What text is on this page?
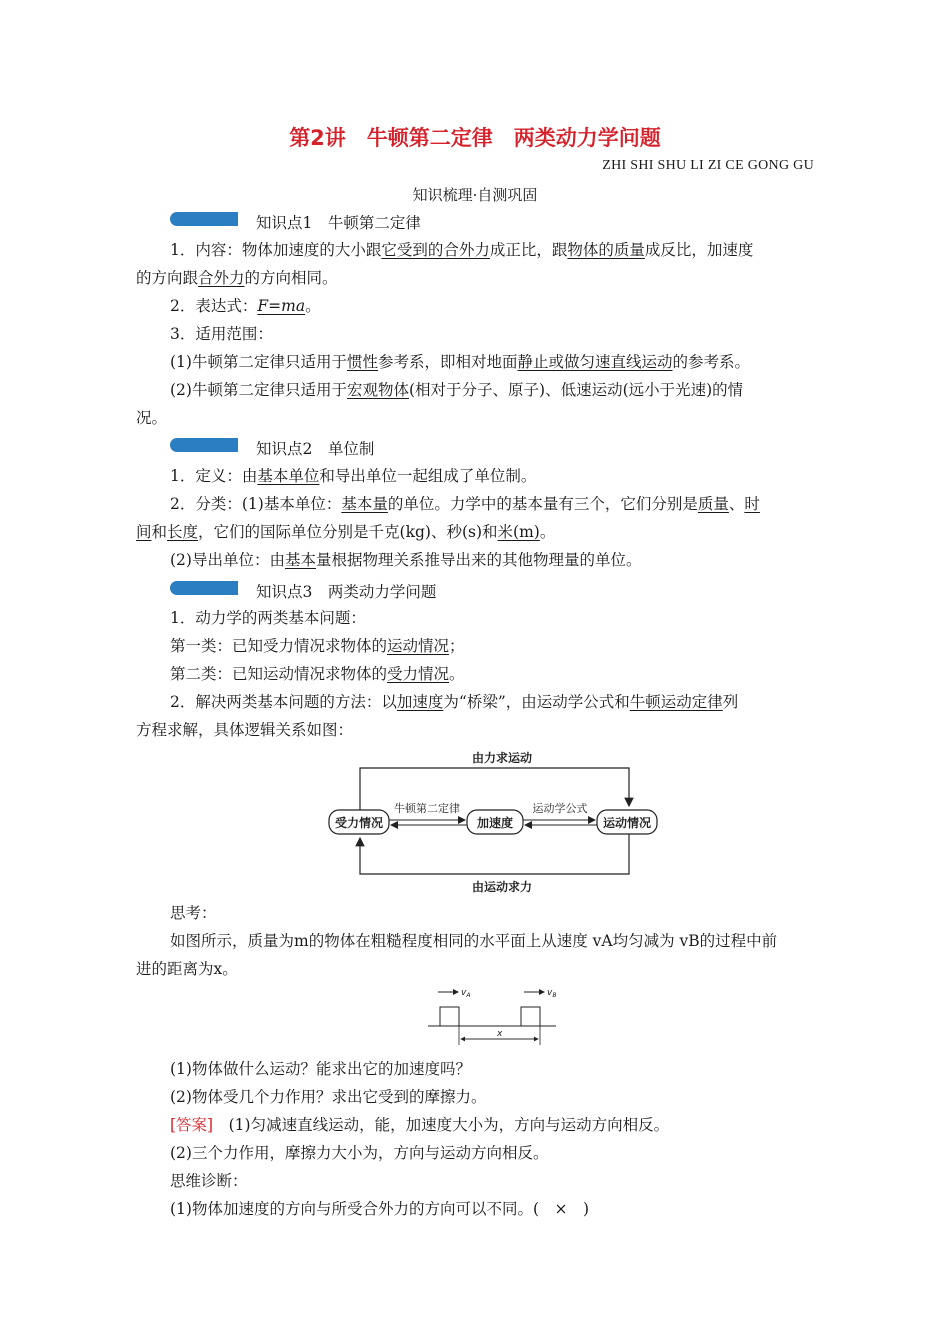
第2讲　牛顿第二定律　两类动力学问题
ZHI SHI SHU LI ZI CE GONG GU
知识梳理·自测巩固
知识点1　牛顿第二定律
1．内容：物体加速度的大小跟它受到的合外力成正比，跟物体的质量成反比，加速度
的方向跟合外力的方向相同。
2．表达式：F=ma。
3．适用范围：
(1)牛顿第二定律只适用于惯性参考系，即相对地面静止或做匀速直线运动的参考系。
(2)牛顿第二定律只适用于宏观物体(相对于分子、原子)、低速运动(远小于光速)的情
况。
知识点2　单位制
1．定义：由基本单位和导出单位一起组成了单位制。
2．分类：(1)基本单位：基本量的单位。力学中的基本量有三个，它们分别是质量、时
间和长度，它们的国际单位分别是千克(kg)、秒(s)和米(m)。
(2)导出单位：由基本量根据物理关系推导出来的其他物理量的单位。
知识点3　两类动力学问题
1．动力学的两类基本问题：
第一类：已知受力情况求物体的运动情况；
第二类：已知运动情况求物体的受力情况。
2．解决两类基本问题的方法：以加速度为“桥梁”，由运动学公式和牛顿运动定律列
方程求解，具体逻辑关系如图：
由力求运动
由运动求力
受力情况	加速度	运动情况
牛顿第二定律	运动学公式
思考：
如图所示，质量为m的物体在粗糙程度相同的水平面上从速度 vA均匀减为 vB的过程中前
进的距离为x。
$v_A$	$v_B$
x
(1)物体做什么运动？能求出它的加速度吗？
(2)物体受几个力作用？求出它受到的摩擦力。
[答案]　(1)匀减速直线运动，能，加速度大小为，方向与运动方向相反。
(2)三个力作用，摩擦力大小为，方向与运动方向相反。
思维诊断：
(1)物体加速度的方向与所受合外力的方向可以不同。(　×　)
